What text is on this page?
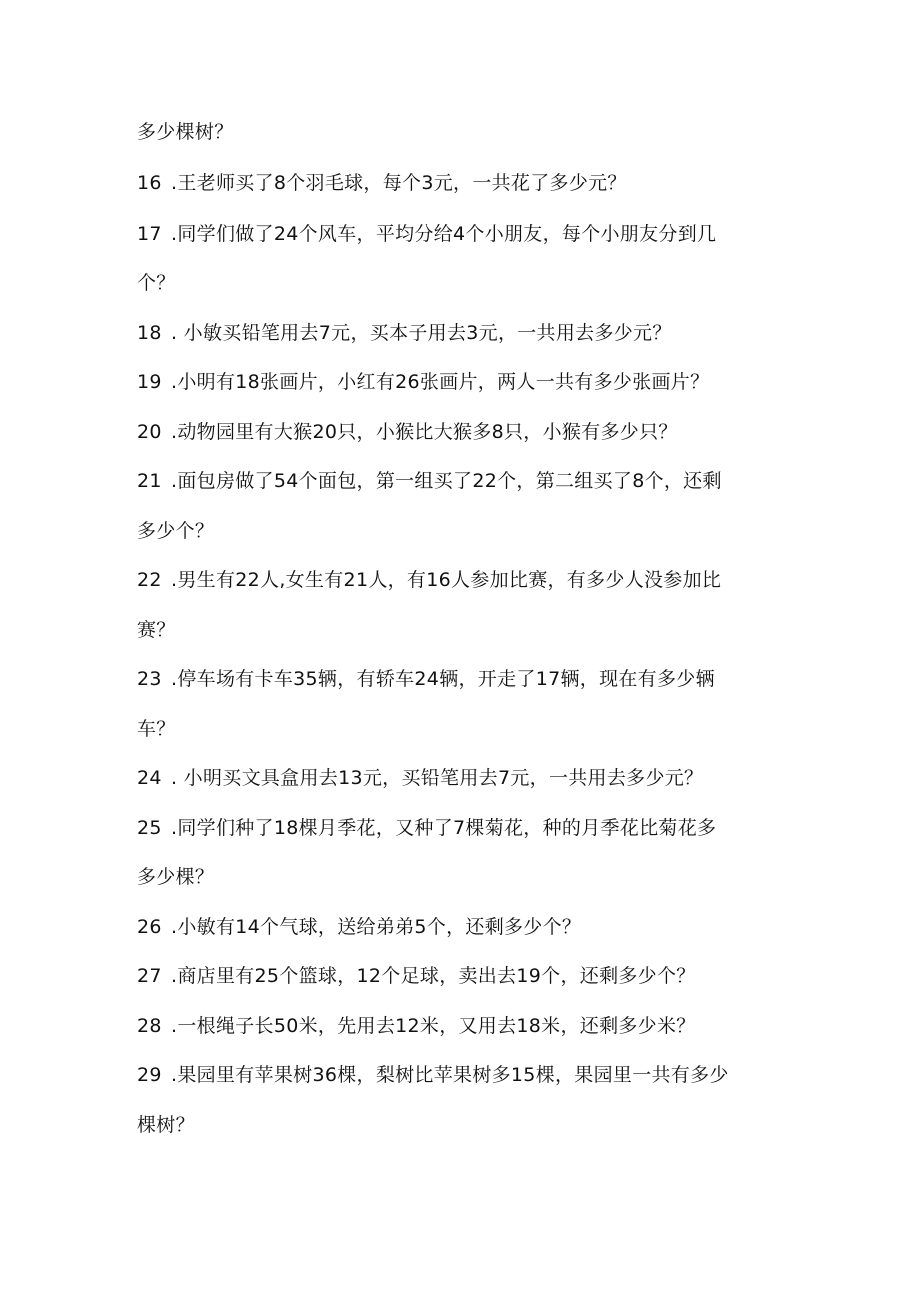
多少棵树？
16 .王老师买了8个羽毛球，每个3元，一共花了多少元？
17 .同学们做了24个风车，平均分给4个小朋友，每个小朋友分到几
个？
18 . 小敏买铅笔用去7元，买本子用去3元，一共用去多少元？
19 .小明有18张画片，小红有26张画片，两人一共有多少张画片？
20 .动物园里有大猴20只，小猴比大猴多8只，小猴有多少只？
21 .面包房做了54个面包，第一组买了22个，第二组买了8个，还剩
多少个？
22 .男生有22人,女生有21人，有16人参加比赛，有多少人没参加比
赛？
23 .停车场有卡车35辆，有轿车24辆，开走了17辆，现在有多少辆
车？
24 . 小明买文具盒用去13元，买铅笔用去7元，一共用去多少元？
25 .同学们种了18棵月季花，又种了7棵菊花，种的月季花比菊花多
多少棵？
26 .小敏有14个气球，送给弟弟5个，还剩多少个？
27 .商店里有25个篮球，12个足球，卖出去19个，还剩多少个？
28 .一根绳子长50米，先用去12米，又用去18米，还剩多少米？
29 .果园里有苹果树36棵，梨树比苹果树多15棵，果园里一共有多少
棵树？
